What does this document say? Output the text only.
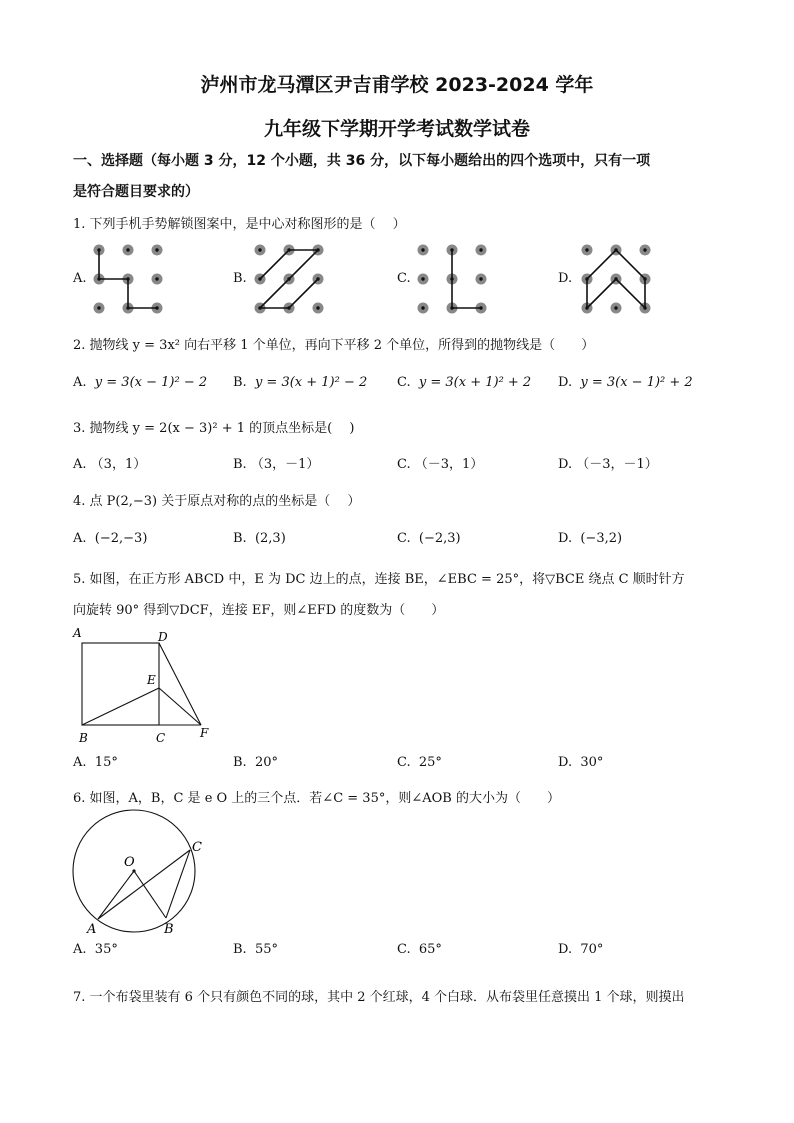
泸州市龙马潭区尹吉甫学校 2023-2024 学年
九年级下学期开学考试数学试卷
一、选择题（每小题 3 分，12 个小题，共 36 分，以下每小题给出的四个选项中，只有一项
是符合题目要求的）
1. 下列手机手势解锁图案中，是中心对称图形的是（　 ）
A.	B.	C.	D.
2. 抛物线 y = 3x² 向右平移 1 个单位，再向下平移 2 个单位，所得到的抛物线是（　　）
A. y = 3(x − 1)² − 2 B. y = 3(x + 1)² − 2 C. y = 3(x + 1)² + 2 D. y = 3(x − 1)² + 2
3. 抛物线 y = 2(x − 3)² + 1 的顶点坐标是(　 )
A. （3，1）	B. （3，－1）	C. （－3，1）	D. （－3，－1）
4. 点 P(2,−3) 关于原点对称的点的坐标是（　 ）
A. (−2,−3)	B. (2,3)	C. (−2,3)	D. (−3,2)
5. 如图，在正方形 ABCD 中，E 为 DC 边上的点，连接 BE，∠EBC = 25°，将▽BCE 绕点 C 顺时针方
向旋转 90° 得到▽DCF，连接 EF，则∠EFD 的度数为（　　）
A	D
E
B	C	F
A. 15°	B. 20°	C. 25°	D. 30°
6. 如图，A，B，C 是 e O 上的三个点．若∠C = 35°，则∠AOB 的大小为（　　）
O
A	B
C
A. 35°	B. 55°	C. 65°	D. 70°
7. 一个布袋里装有 6 个只有颜色不同的球，其中 2 个红球，4 个白球．从布袋里任意摸出 1 个球，则摸出
